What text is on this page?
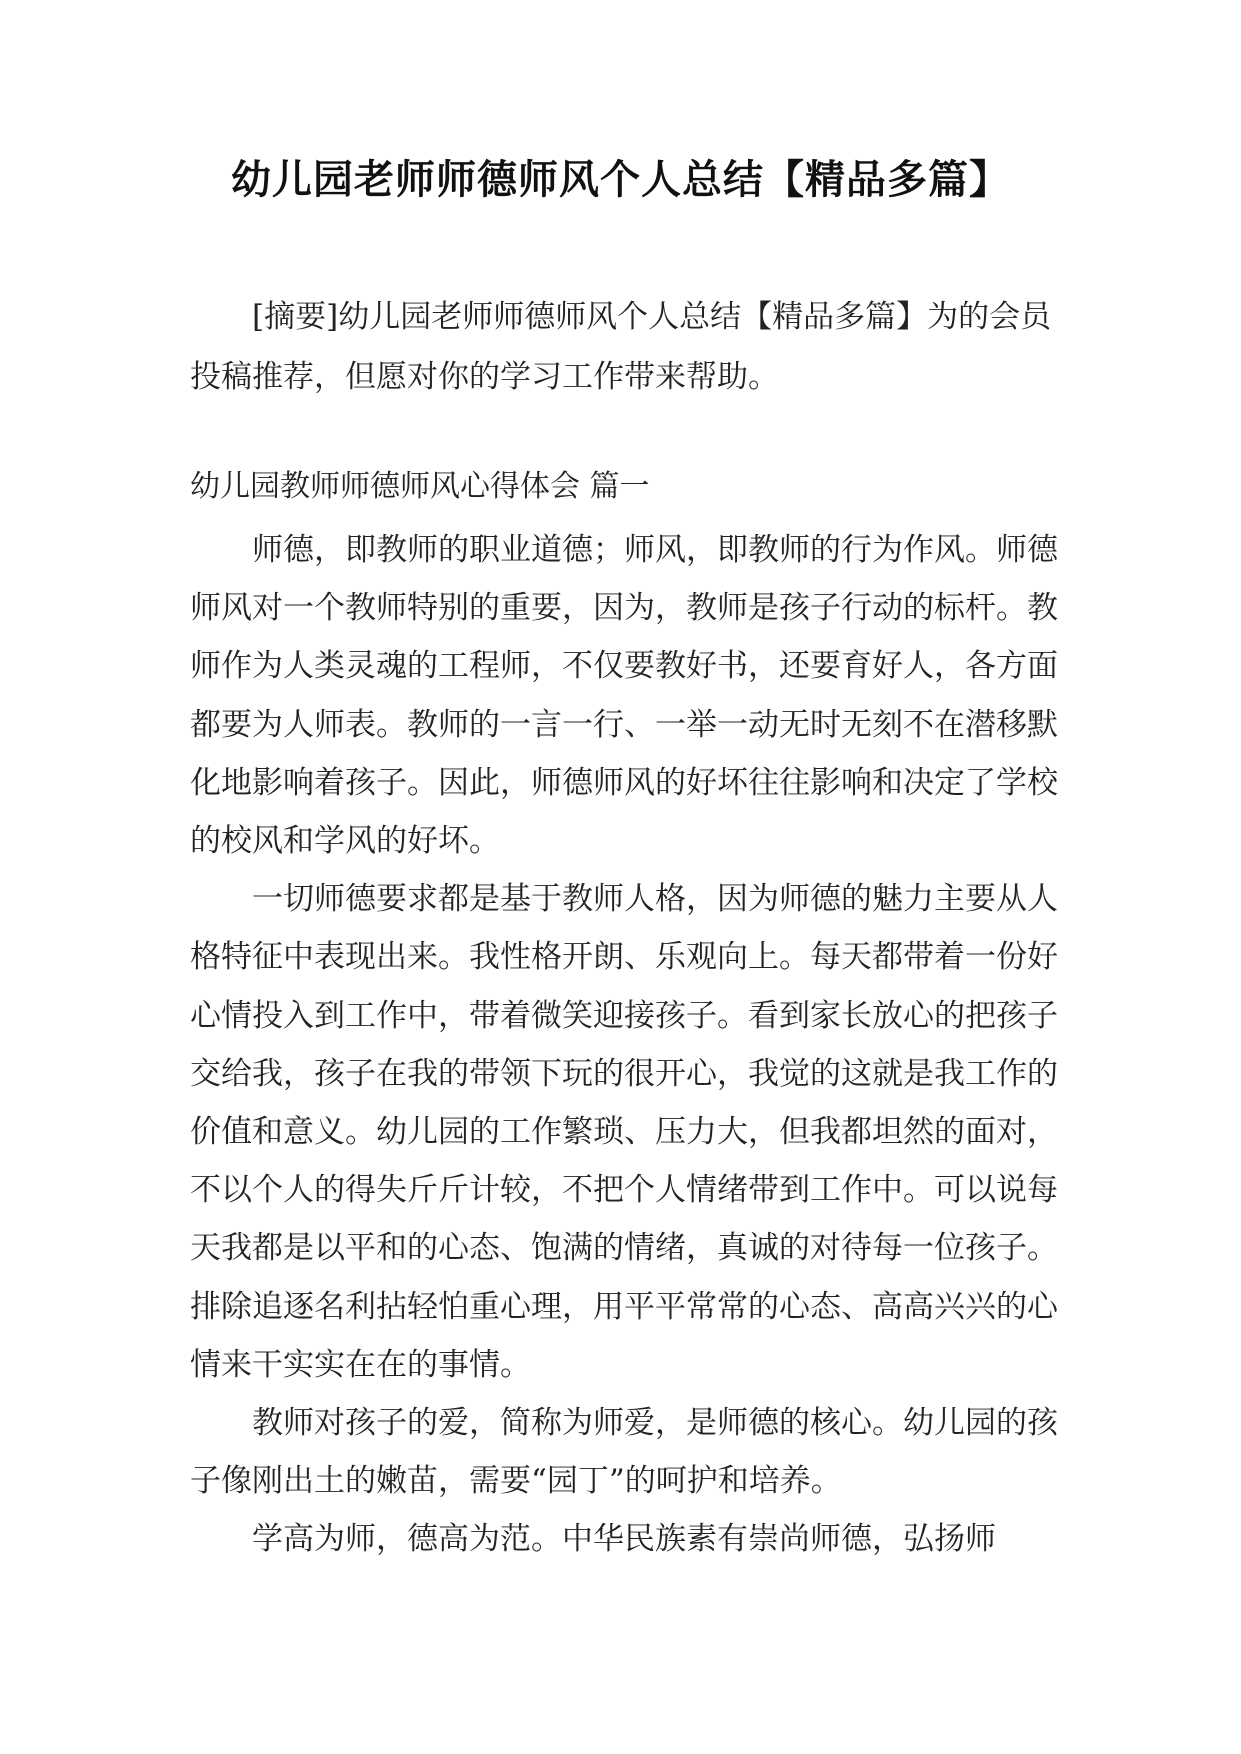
幼儿园老师师德师风个人总结【精品多篇】

[摘要]幼儿园老师师德师风个人总结【精品多篇】为的会员投稿推荐，但愿对你的学习工作带来帮助。

幼儿园教师师德师风心得体会 篇一

师德，即教师的职业道德；师风，即教师的行为作风。师德师风对一个教师特别的重要，因为，教师是孩子行动的标杆。教师作为人类灵魂的工程师，不仅要教好书，还要育好人，各方面都要为人师表。教师的一言一行、一举一动无时无刻不在潜移默化地影响着孩子。因此，师德师风的好坏往往影响和决定了学校的校风和学风的好坏。

一切师德要求都是基于教师人格，因为师德的魅力主要从人格特征中表现出来。我性格开朗、乐观向上。每天都带着一份好心情投入到工作中，带着微笑迎接孩子。看到家长放心的把孩子交给我，孩子在我的带领下玩的很开心，我觉的这就是我工作的价值和意义。幼儿园的工作繁琐、压力大，但我都坦然的面对，不以个人的得失斤斤计较，不把个人情绪带到工作中。可以说每天我都是以平和的心态、饱满的情绪，真诚的对待每一位孩子。排除追逐名利拈轻怕重心理，用平平常常的心态、高高兴兴的心情来干实实在在的事情。

教师对孩子的爱，简称为师爱，是师德的核心。幼儿园的孩子像刚出土的嫩苗，需要“园丁”的呵护和培养。

学高为师，德高为范。中华民族素有崇尚师德，弘扬师
